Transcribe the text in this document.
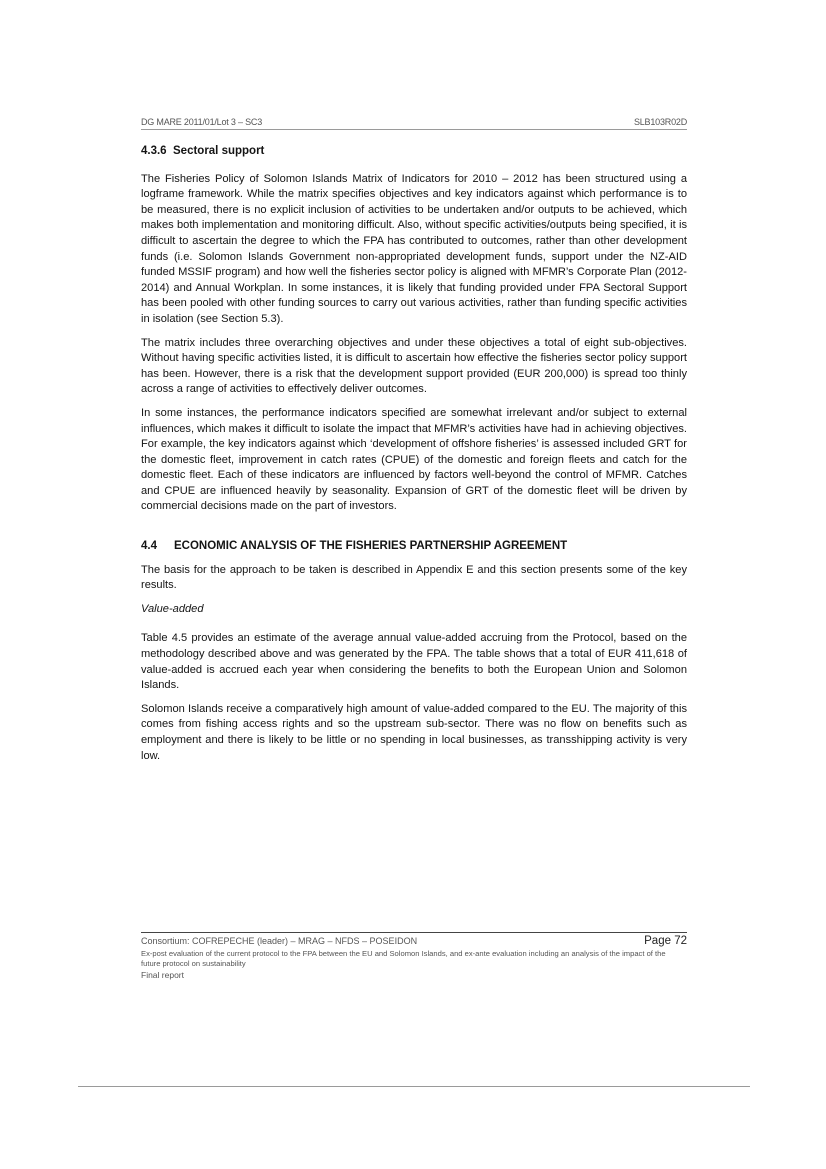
DG MARE 2011/01/Lot 3 – SC3	SLB103R02D
4.3.6 Sectoral support

The Fisheries Policy of Solomon Islands Matrix of Indicators for 2010 – 2012 has been structured using a logframe framework. While the matrix specifies objectives and key indicators against which performance is to be measured, there is no explicit inclusion of activities to be undertaken and/or outputs to be achieved, which makes both implementation and monitoring difficult. Also, without specific activities/outputs being specified, it is difficult to ascertain the degree to which the FPA has contributed to outcomes, rather than other development funds (i.e. Solomon Islands Government non-appropriated development funds, support under the NZ-AID funded MSSIF program) and how well the fisheries sector policy is aligned with MFMR’s Corporate Plan (2012-2014) and Annual Workplan. In some instances, it is likely that funding provided under FPA Sectoral Support has been pooled with other funding sources to carry out various activities, rather than funding specific activities in isolation (see Section 5.3).

The matrix includes three overarching objectives and under these objectives a total of eight sub-objectives. Without having specific activities listed, it is difficult to ascertain how effective the fisheries sector policy support has been. However, there is a risk that the development support provided (EUR 200,000) is spread too thinly across a range of activities to effectively deliver outcomes.

In some instances, the performance indicators specified are somewhat irrelevant and/or subject to external influences, which makes it difficult to isolate the impact that MFMR’s activities have had in achieving objectives. For example, the key indicators against which ‘development of offshore fisheries’ is assessed included GRT for the domestic fleet, improvement in catch rates (CPUE) of the domestic and foreign fleets and catch for the domestic fleet. Each of these indicators are influenced by factors well-beyond the control of MFMR. Catches and CPUE are influenced heavily by seasonality. Expansion of GRT of the domestic fleet will be driven by commercial decisions made on the part of investors.

4.4	ECONOMIC ANALYSIS OF THE FISHERIES PARTNERSHIP AGREEMENT

The basis for the approach to be taken is described in Appendix E and this section presents some of the key results.

Value-added

Table 4.5 provides an estimate of the average annual value-added accruing from the Protocol, based on the methodology described above and was generated by the FPA. The table shows that a total of EUR 411,618 of value-added is accrued each year when considering the benefits to both the European Union and Solomon Islands.

Solomon Islands receive a comparatively high amount of value-added compared to the EU. The majority of this comes from fishing access rights and so the upstream sub-sector. There was no flow on benefits such as employment and there is likely to be little or no spending in local businesses, as transshipping activity is very low.

Consortium: COFREPECHE (leader) – MRAG – NFDS – POSEIDON	Page 72
Ex-post evaluation of the current protocol to the FPA between the EU and Solomon Islands, and ex-ante evaluation including an analysis of the impact of the future protocol on sustainability
Final report
